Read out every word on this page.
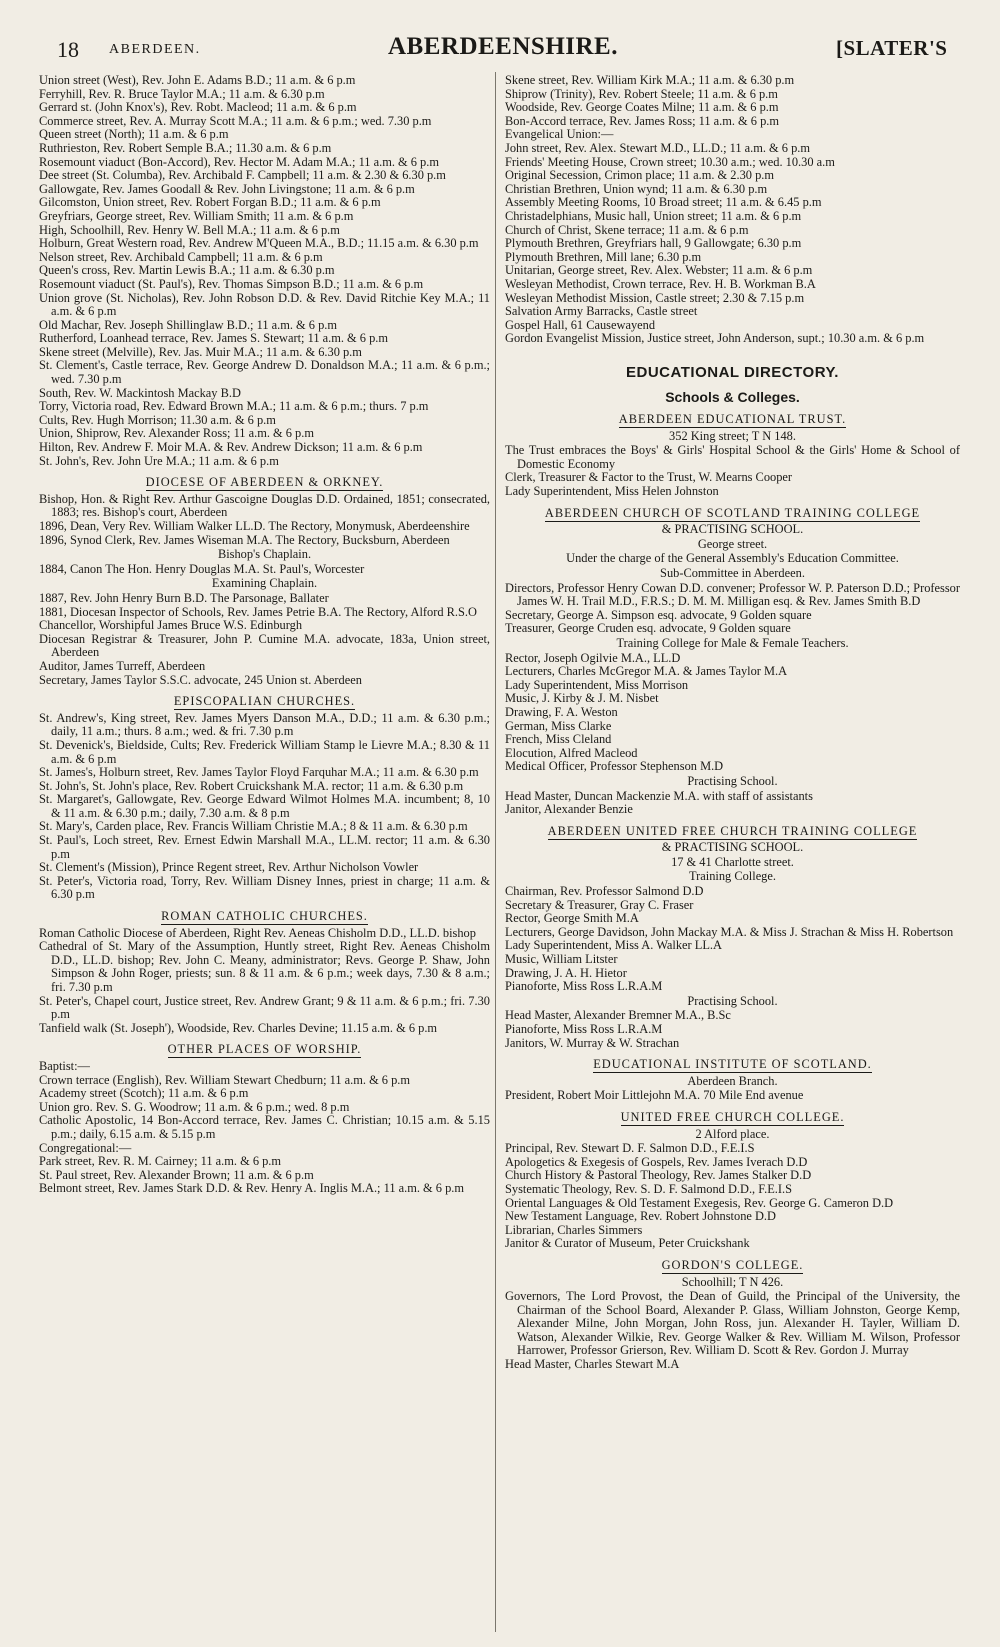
18 ABERDEEN.	ABERDEENSHIRE.	[SLATER'S

Union street (West), Rev. John E. Adams B.D.; 11 a.m. & 6 p.m

Ferryhill, Rev. R. Bruce Taylor M.A.; 11 a.m. & 6.30 p.m

Gerrard st. (John Knox's), Rev. Robt. Macleod; 11 a.m. & 6 p.m

Commerce street, Rev. A. Murray Scott M.A.; 11 a.m. & 6 p.m.; wed. 7.30 p.m

Queen street (North); 11 a.m. & 6 p.m

Ruthrieston, Rev. Robert Semple B.A.; 11.30 a.m. & 6 p.m

Rosemount viaduct (Bon-Accord), Rev. Hector M. Adam M.A.; 11 a.m. & 6 p.m

Dee street (St. Columba), Rev. Archibald F. Campbell; 11 a.m. & 2.30 & 6.30 p.m

Gallowgate, Rev. James Goodall & Rev. John Livingstone; 11 a.m. & 6 p.m

Gilcomston, Union street, Rev. Robert Forgan B.D.; 11 a.m. & 6 p.m

Greyfriars, George street, Rev. William Smith; 11 a.m. & 6 p.m

High, Schoolhill, Rev. Henry W. Bell M.A.; 11 a.m. & 6 p.m

Holburn, Great Western road, Rev. Andrew M'Queen M.A., B.D.; 11.15 a.m. & 6.30 p.m

Nelson street, Rev. Archibald Campbell; 11 a.m. & 6 p.m

Queen's cross, Rev. Martin Lewis B.A.; 11 a.m. & 6.30 p.m

Rosemount viaduct (St. Paul's), Rev. Thomas Simpson B.D.; 11 a.m. & 6 p.m

Union grove (St. Nicholas), Rev. John Robson D.D. & Rev. David Ritchie Key M.A.; 11 a.m. & 6 p.m

Old Machar, Rev. Joseph Shillinglaw B.D.; 11 a.m. & 6 p.m

Rutherford, Loanhead terrace, Rev. James S. Stewart; 11 a.m. & 6 p.m

Skene street (Melville), Rev. Jas. Muir M.A.; 11 a.m. & 6.30 p.m

St. Clement's, Castle terrace, Rev. George Andrew D. Donaldson M.A.; 11 a.m. & 6 p.m.; wed. 7.30 p.m

South, Rev. W. Mackintosh Mackay B.D

Torry, Victoria road, Rev. Edward Brown M.A.; 11 a.m. & 6 p.m.; thurs. 7 p.m

Cults, Rev. Hugh Morrison; 11.30 a.m. & 6 p.m

Union, Shiprow, Rev. Alexander Ross; 11 a.m. & 6 p.m

Hilton, Rev. Andrew F. Moir M.A. & Rev. Andrew Dickson; 11 a.m. & 6 p.m

St. John's, Rev. John Ure M.A.; 11 a.m. & 6 p.m

DIOCESE OF ABERDEEN & ORKNEY.

Bishop, Hon. & Right Rev. Arthur Gascoigne Douglas D.D. Ordained, 1851; consecrated, 1883; res. Bishop's court, Aberdeen

1896, Dean, Very Rev. William Walker LL.D. The Rectory, Monymusk, Aberdeenshire

1896, Synod Clerk, Rev. James Wiseman M.A. The Rectory, Bucksburn, Aberdeen

Bishop's Chaplain.

1884, Canon The Hon. Henry Douglas M.A. St. Paul's, Worcester

Examining Chaplain.

1887, Rev. John Henry Burn B.D. The Parsonage, Ballater

1881, Diocesan Inspector of Schools, Rev. James Petrie B.A. The Rectory, Alford R.S.O

Chancellor, Worshipful James Bruce W.S. Edinburgh

Diocesan Registrar & Treasurer, John P. Cumine M.A. advocate, 183a, Union street, Aberdeen

Auditor, James Turreff, Aberdeen

Secretary, James Taylor S.S.C. advocate, 245 Union st. Aberdeen

EPISCOPALIAN CHURCHES.

St. Andrew's, King street, Rev. James Myers Danson M.A., D.D.; 11 a.m. & 6.30 p.m.; daily, 11 a.m.; thurs. 8 a.m.; wed. & fri. 7.30 p.m

St. Devenick's, Bieldside, Cults; Rev. Frederick William Stamp le Lievre M.A.; 8.30 & 11 a.m. & 6 p.m

St. James's, Holburn street, Rev. James Taylor Floyd Farquhar M.A.; 11 a.m. & 6.30 p.m

St. John's, St. John's place, Rev. Robert Cruickshank M.A. rector; 11 a.m. & 6.30 p.m

St. Margaret's, Gallowgate, Rev. George Edward Wilmot Holmes M.A. incumbent; 8, 10 & 11 a.m. & 6.30 p.m.; daily, 7.30 a.m. & 8 p.m

St. Mary's, Carden place, Rev. Francis William Christie M.A.; 8 & 11 a.m. & 6.30 p.m

St. Paul's, Loch street, Rev. Ernest Edwin Marshall M.A., LL.M. rector; 11 a.m. & 6.30 p.m

St. Clement's (Mission), Prince Regent street, Rev. Arthur Nicholson Vowler

St. Peter's, Victoria road, Torry, Rev. William Disney Innes, priest in charge; 11 a.m. & 6.30 p.m

ROMAN CATHOLIC CHURCHES.

Roman Catholic Diocese of Aberdeen, Right Rev. Aeneas Chisholm D.D., LL.D. bishop

Cathedral of St. Mary of the Assumption, Huntly street, Right Rev. Aeneas Chisholm D.D., LL.D. bishop; Rev. John C. Meany, administrator; Revs. George P. Shaw, John Simpson & John Roger, priests; sun. 8 & 11 a.m. & 6 p.m.; week days, 7.30 & 8 a.m.; fri. 7.30 p.m

St. Peter's, Chapel court, Justice street, Rev. Andrew Grant; 9 & 11 a.m. & 6 p.m.; fri. 7.30 p.m

Tanfield walk (St. Joseph'), Woodside, Rev. Charles Devine; 11.15 a.m. & 6 p.m

OTHER PLACES OF WORSHIP.

Baptist:—

Crown terrace (English), Rev. William Stewart Chedburn; 11 a.m. & 6 p.m

Academy street (Scotch); 11 a.m. & 6 p.m

Union gro. Rev. S. G. Woodrow; 11 a.m. & 6 p.m.; wed. 8 p.m

Catholic Apostolic, 14 Bon-Accord terrace, Rev. James C. Christian; 10.15 a.m. & 5.15 p.m.; daily, 6.15 a.m. & 5.15 p.m

Congregational:—

Park street, Rev. R. M. Cairney; 11 a.m. & 6 p.m

St. Paul street, Rev. Alexander Brown; 11 a.m. & 6 p.m

Belmont street, Rev. James Stark D.D. & Rev. Henry A. Inglis M.A.; 11 a.m. & 6 p.m

Skene street, Rev. William Kirk M.A.; 11 a.m. & 6.30 p.m

Shiprow (Trinity), Rev. Robert Steele; 11 a.m. & 6 p.m

Woodside, Rev. George Coates Milne; 11 a.m. & 6 p.m

Bon-Accord terrace, Rev. James Ross; 11 a.m. & 6 p.m

Evangelical Union:—

John street, Rev. Alex. Stewart M.D., LL.D.; 11 a.m. & 6 p.m

Friends' Meeting House, Crown street; 10.30 a.m.; wed. 10.30 a.m

Original Secession, Crimon place; 11 a.m. & 2.30 p.m

Christian Brethren, Union wynd; 11 a.m. & 6.30 p.m

Assembly Meeting Rooms, 10 Broad street; 11 a.m. & 6.45 p.m

Christadelphians, Music hall, Union street; 11 a.m. & 6 p.m

Church of Christ, Skene terrace; 11 a.m. & 6 p.m

Plymouth Brethren, Greyfriars hall, 9 Gallowgate; 6.30 p.m

Plymouth Brethren, Mill lane; 6.30 p.m

Unitarian, George street, Rev. Alex. Webster; 11 a.m. & 6 p.m

Wesleyan Methodist, Crown terrace, Rev. H. B. Workman B.A

Wesleyan Methodist Mission, Castle street; 2.30 & 7.15 p.m

Salvation Army Barracks, Castle street

Gospel Hall, 61 Causewayend

Gordon Evangelist Mission, Justice street, John Anderson, supt.; 10.30 a.m. & 6 p.m

EDUCATIONAL DIRECTORY.
Schools & Colleges.
ABERDEEN EDUCATIONAL TRUST.
352 King street; T N 148.

The Trust embraces the Boys' & Girls' Hospital School & the Girls' Home & School of Domestic Economy

Clerk, Treasurer & Factor to the Trust, W. Mearns Cooper

Lady Superintendent, Miss Helen Johnston

ABERDEEN CHURCH OF SCOTLAND TRAINING COLLEGE
& PRACTISING SCHOOL.
George street.
Under the charge of the General Assembly's Education Committee.
Sub-Committee in Aberdeen.

Directors, Professor Henry Cowan D.D. convener; Professor W. P. Paterson D.D.; Professor James W. H. Trail M.D., F.R.S.; D. M. M. Milligan esq. & Rev. James Smith B.D

Secretary, George A. Simpson esq. advocate, 9 Golden square

Treasurer, George Cruden esq. advocate, 9 Golden square

Training College for Male & Female Teachers.

Rector, Joseph Ogilvie M.A., LL.D

Lecturers, Charles McGregor M.A. & James Taylor M.A

Lady Superintendent, Miss Morrison

Music, J. Kirby & J. M. Nisbet

Drawing, F. A. Weston

German, Miss Clarke

French, Miss Cleland

Elocution, Alfred Macleod

Medical Officer, Professor Stephenson M.D

Practising School.

Head Master, Duncan Mackenzie M.A. with staff of assistants

Janitor, Alexander Benzie

ABERDEEN UNITED FREE CHURCH TRAINING COLLEGE
& PRACTISING SCHOOL.
17 & 41 Charlotte street.
Training College.

Chairman, Rev. Professor Salmond D.D

Secretary & Treasurer, Gray C. Fraser

Rector, George Smith M.A

Lecturers, George Davidson, John Mackay M.A. & Miss J. Strachan & Miss H. Robertson

Lady Superintendent, Miss A. Walker LL.A

Music, William Litster

Drawing, J. A. H. Hietor

Pianoforte, Miss Ross L.R.A.M

Practising School.

Head Master, Alexander Bremner M.A., B.Sc

Pianoforte, Miss Ross L.R.A.M

Janitors, W. Murray & W. Strachan

EDUCATIONAL INSTITUTE OF SCOTLAND.
Aberdeen Branch.

President, Robert Moir Littlejohn M.A. 70 Mile End avenue

UNITED FREE CHURCH COLLEGE.
2 Alford place.

Principal, Rev. Stewart D. F. Salmon D.D., F.E.I.S

Apologetics & Exegesis of Gospels, Rev. James Iverach D.D

Church History & Pastoral Theology, Rev. James Stalker D.D

Systematic Theology, Rev. S. D. F. Salmond D.D., F.E.I.S

Oriental Languages & Old Testament Exegesis, Rev. George G. Cameron D.D

New Testament Language, Rev. Robert Johnstone D.D

Librarian, Charles Simmers

Janitor & Curator of Museum, Peter Cruickshank

GORDON'S COLLEGE.
Schoolhill; T N 426.

Governors, The Lord Provost, the Dean of Guild, the Principal of the University, the Chairman of the School Board, Alexander P. Glass, William Johnston, George Kemp, Alexander Milne, John Morgan, John Ross, jun. Alexander H. Tayler, William D. Watson, Alexander Wilkie, Rev. George Walker & Rev. William M. Wilson, Professor Harrower, Professor Grierson, Rev. William D. Scott & Rev. Gordon J. Murray

Head Master, Charles Stewart M.A
